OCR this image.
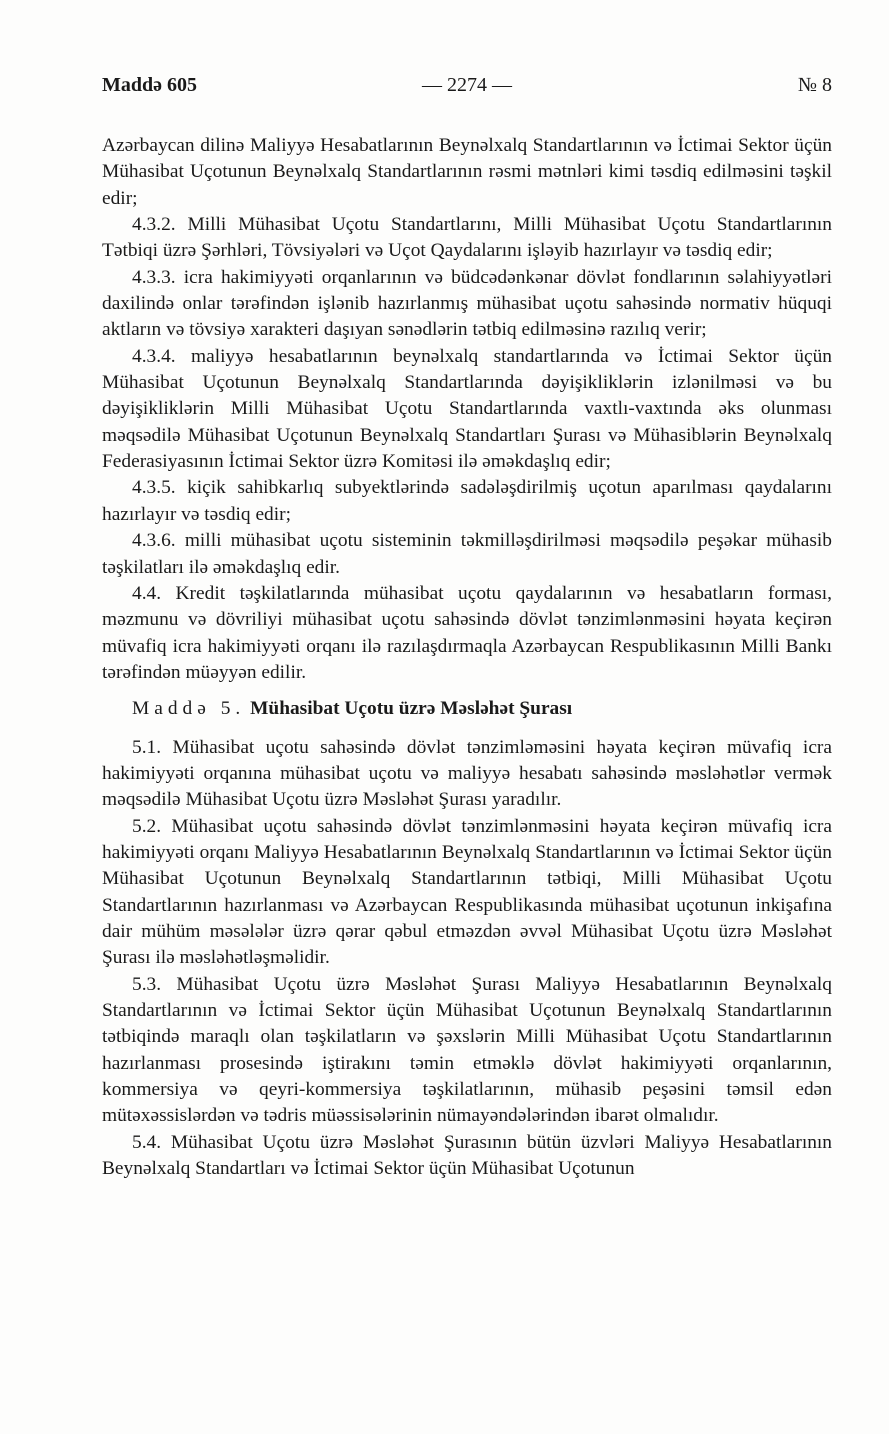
Maddə 605	— 2274 —	№ 8

Azərbaycan dilinə Maliyyə Hesabatlarının Beynəlxalq Standartlarının və İctimai Sektor üçün Mühasibat Uçotunun Beynəlxalq Standartlarının rəsmi mətnləri kimi təsdiq edilməsini təşkil edir;

4.3.2. Milli Mühasibat Uçotu Standartlarını, Milli Mühasibat Uçotu Standartlarının Tətbiqi üzrə Şərhləri, Tövsiyələri və Uçot Qaydalarını işləyib hazırlayır və təsdiq edir;

4.3.3. icra hakimiyyəti orqanlarının və büdcədənkənar dövlət fondlarının səlahiyyətləri daxilində onlar tərəfindən işlənib hazırlanmış mühasibat uçotu sahəsində normativ hüquqi aktların və tövsiyə xarakteri daşıyan sənədlərin tətbiq edilməsinə razılıq verir;

4.3.4. maliyyə hesabatlarının beynəlxalq standartlarında və İctimai Sektor üçün Mühasibat Uçotunun Beynəlxalq Standartlarında dəyişikliklərin izlənilməsi və bu dəyişikliklərin Milli Mühasibat Uçotu Standartlarında vaxtlı-vaxtında əks olunması məqsədilə Mühasibat Uçotunun Beynəlxalq Standartları Şurası və Mühasiblərin Beynəlxalq Federasiyasının İctimai Sektor üzrə Komitəsi ilə əməkdaşlıq edir;

4.3.5. kiçik sahibkarlıq subyektlərində sadələşdirilmiş uçotun aparılması qaydalarını hazırlayır və təsdiq edir;

4.3.6. milli mühasibat uçotu sisteminin təkmilləşdirilməsi məqsədilə peşəkar mühasib təşkilatları ilə əməkdaşlıq edir.

4.4. Kredit təşkilatlarında mühasibat uçotu qaydalarının və hesabatların forması, məzmunu və dövriliyi mühasibat uçotu sahəsində dövlət tənzimlənməsini həyata keçirən müvafiq icra hakimiyyəti orqanı ilə razılaşdırmaqla Azərbaycan Respublikasının Milli Bankı tərəfindən müəyyən edilir.

Maddə 5. Mühasibat Uçotu üzrə Məsləhət Şurası

5.1. Mühasibat uçotu sahəsində dövlət tənzimləməsini həyata keçirən müvafiq icra hakimiyyəti orqanına mühasibat uçotu və maliyyə hesabatı sahəsində məsləhətlər vermək məqsədilə Mühasibat Uçotu üzrə Məsləhət Şurası yaradılır.

5.2. Mühasibat uçotu sahəsində dövlət tənzimlənməsini həyata keçirən müvafiq icra hakimiyyəti orqanı Maliyyə Hesabatlarının Beynəlxalq Standartlarının və İctimai Sektor üçün Mühasibat Uçotunun Beynəlxalq Standartlarının tətbiqi, Milli Mühasibat Uçotu Standartlarının hazırlanması və Azərbaycan Respublikasında mühasibat uçotunun inkişafına dair mühüm məsələlər üzrə qərar qəbul etməzdən əvvəl Mühasibat Uçotu üzrə Məsləhət Şurası ilə məsləhətləşməlidir.

5.3. Mühasibat Uçotu üzrə Məsləhət Şurası Maliyyə Hesabatlarının Beynəlxalq Standartlarının və İctimai Sektor üçün Mühasibat Uçotunun Beynəlxalq Standartlarının tətbiqində maraqlı olan təşkilatların və şəxslərin Milli Mühasibat Uçotu Standartlarının hazırlanması prosesində iştirakını təmin etməklə dövlət hakimiyyəti orqanlarının, kommersiya və qeyri-kommersiya təşkilatlarının, mühasib peşəsini təmsil edən mütəxəssislərdən və tədris müəssisələrinin nümayəndələrindən ibarət olmalıdır.

5.4. Mühasibat Uçotu üzrə Məsləhət Şurasının bütün üzvləri Maliyyə Hesabatlarının Beynəlxalq Standartları və İctimai Sektor üçün Mühasibat Uçotunun
